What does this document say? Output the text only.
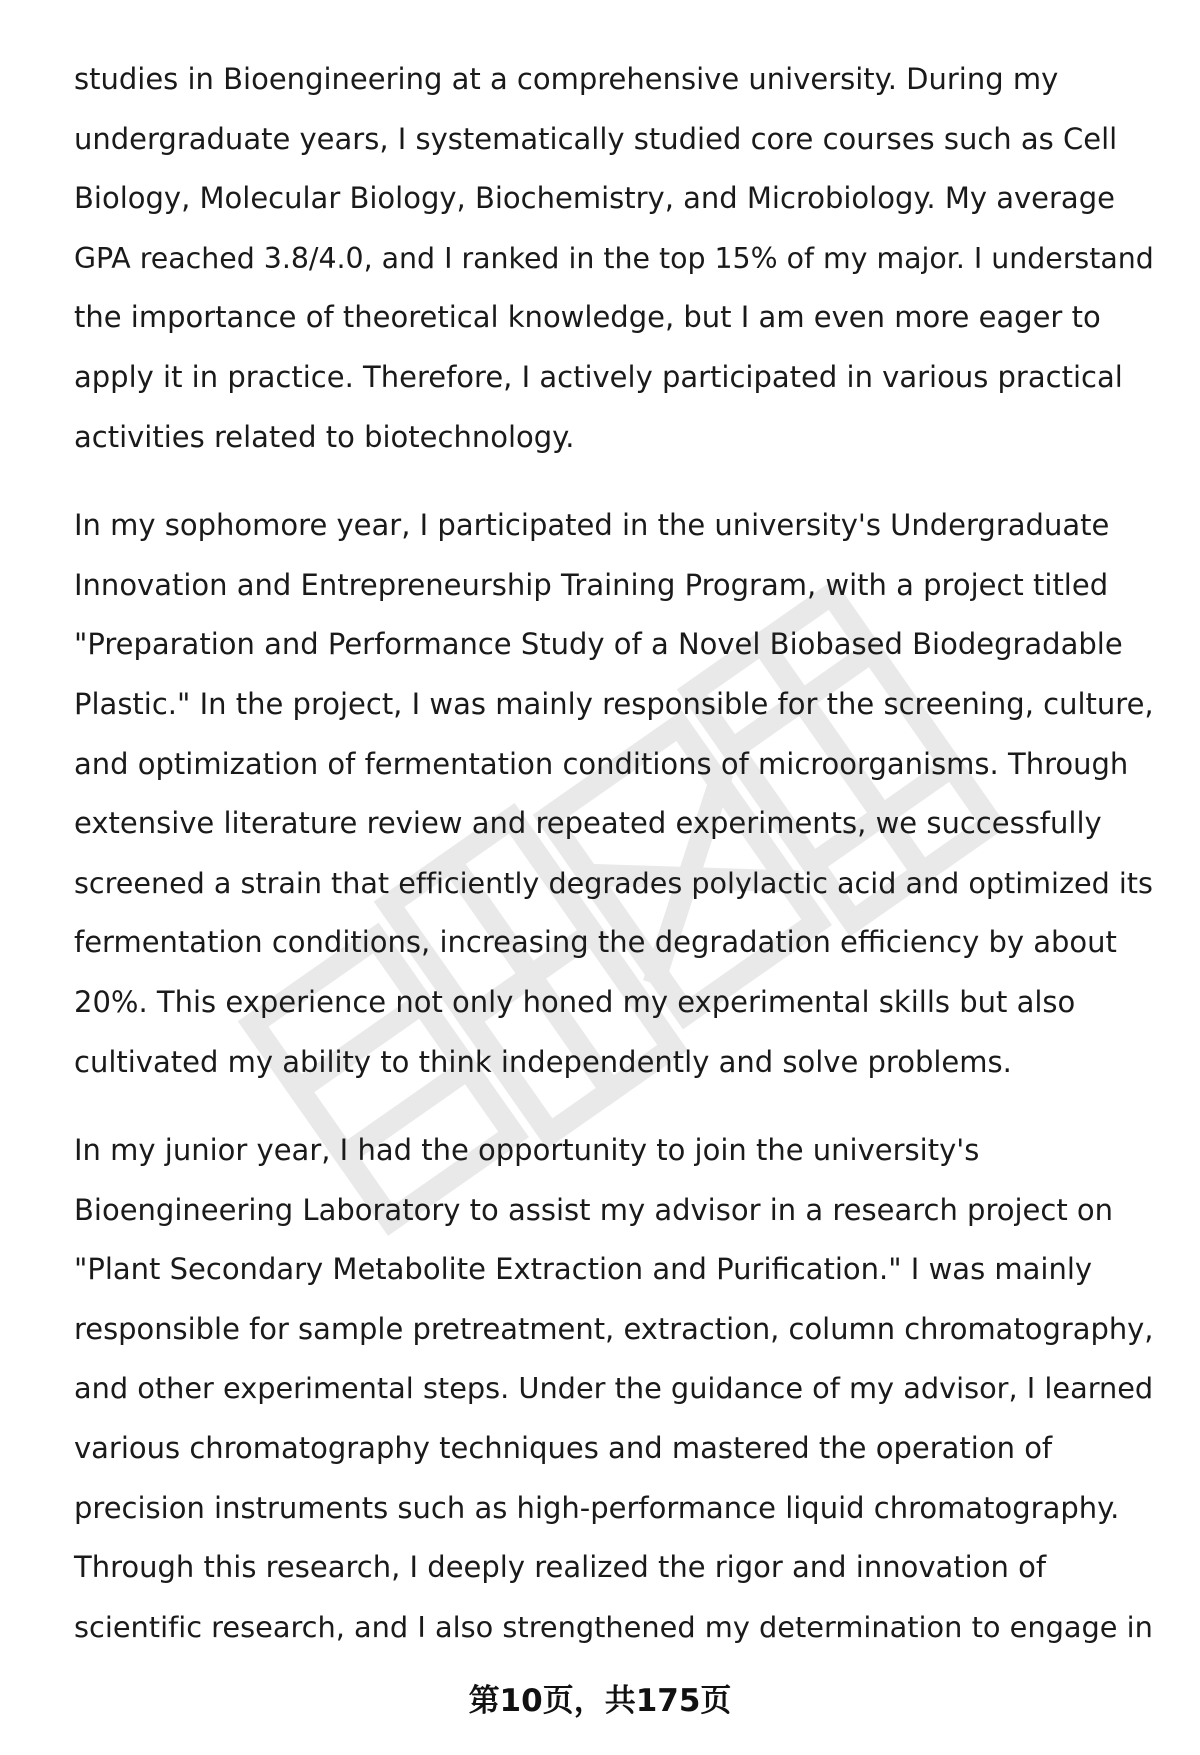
studies in Bioengineering at a comprehensive university. During my
undergraduate years, I systematically studied core courses such as Cell
Biology, Molecular Biology, Biochemistry, and Microbiology. My average
GPA reached 3.8/4.0, and I ranked in the top 15% of my major. I understand
the importance of theoretical knowledge, but I am even more eager to
apply it in practice. Therefore, I actively participated in various practical
activities related to biotechnology.

In my sophomore year, I participated in the university's Undergraduate
Innovation and Entrepreneurship Training Program, with a project titled
"Preparation and Performance Study of a Novel Biobased Biodegradable
Plastic." In the project, I was mainly responsible for the screening, culture,
and optimization of fermentation conditions of microorganisms. Through
extensive literature review and repeated experiments, we successfully
screened a strain that efficiently degrades polylactic acid and optimized its
fermentation conditions, increasing the degradation efficiency by about
20%. This experience not only honed my experimental skills but also
cultivated my ability to think independently and solve problems.

In my junior year, I had the opportunity to join the university's
Bioengineering Laboratory to assist my advisor in a research project on
"Plant Secondary Metabolite Extraction and Purification." I was mainly
responsible for sample pretreatment, extraction, column chromatography,
and other experimental steps. Under the guidance of my advisor, I learned
various chromatography techniques and mastered the operation of
precision instruments such as high-performance liquid chromatography.
Through this research, I deeply realized the rigor and innovation of
scientific research, and I also strengthened my determination to engage in

第10页，共175页
